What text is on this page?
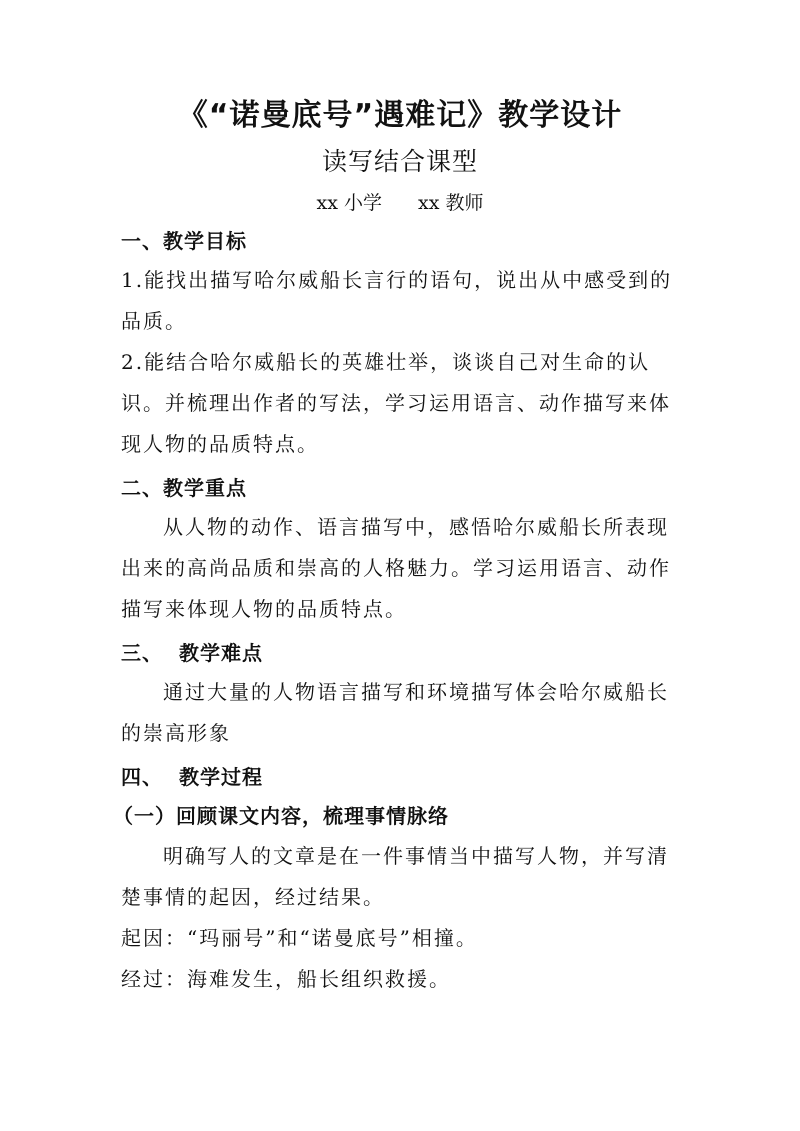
《“诺曼底号”遇难记》教学设计
读写结合课型
xx 小学 xx 教师
一、教学目标

1.能找出描写哈尔威船长言行的语句，说出从中感受到的品质。

2.能结合哈尔威船长的英雄壮举，谈谈自己对生命的认识。并梳理出作者的写法，学习运用语言、动作描写来体现人物的品质特点。

二、教学重点

从人物的动作、语言描写中，感悟哈尔威船长所表现出来的高尚品质和崇高的人格魅力。学习运用语言、动作描写来体现人物的品质特点。

三、 教学难点

通过大量的人物语言描写和环境描写体会哈尔威船长的崇高形象

四、 教学过程
（一）回顾课文内容，梳理事情脉络

明确写人的文章是在一件事情当中描写人物，并写清楚事情的起因，经过结果。

起因：“玛丽号”和“诺曼底号”相撞。

经过：海难发生，船长组织救援。
